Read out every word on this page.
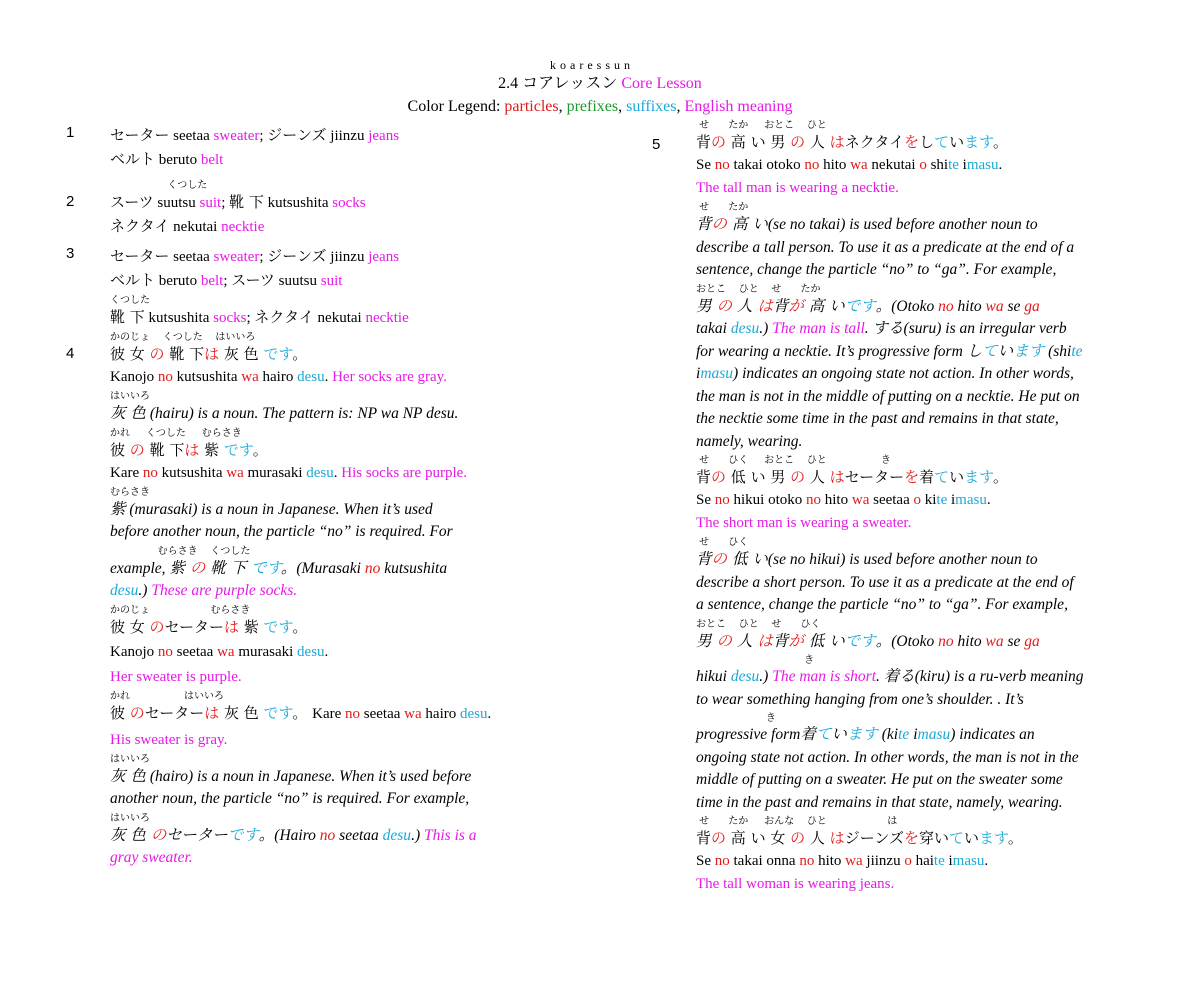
koaressun
2.4 コアレッスン Core Lesson
Color Legend: particles, prefixes, suffixes, English meaning
1 セーター seetaa sweater; ジーンズ jiinzu jeans
ベルト beruto belt
2
くつした
スーツ suutsu suit; 靴 下 kutsushita socks
ネクタイ nekutai necktie
3 セーター seetaa sweater; ジーンズ jiinzu jeans
ベルト beruto belt; スーツ suutsu suit
くつした
靴 下 kutsushita socks; ネクタイ nekutai necktie
4
かのじょ    くつした    はいいろ
彼 女 の 靴 下は 灰 色 です。
Kanojo no kutsushita wa hairo desu. Her socks are gray.
はいいろ
灰 色 (hairu) is a noun. The pattern is: NP wa NP desu.
かれ     くつした     むらさき
彼 の 靴 下は 紫 です。
Kare no kutsushita wa murasaki desu. His socks are purple.
むらさき
紫 (murasaki) is a noun in Japanese. When it’s used
before another noun, the particle “no” is required. For
むらさき    くつした
example, 紫 の 靴 下 です。(Murasaki no kutsushita
desu.) These are purple socks.
かのじょ                   むらさき
彼 女 のセーターは 紫 です。
Kanojo no seetaa wa murasaki desu.
Her sweater is purple.
かれ                 はいいろ
彼 のセーターは 灰 色 です。 Kare no seetaa wa hairo desu.
His sweater is gray.
はいいろ
灰 色 (hairo) is a noun in Japanese. When it’s used before
another noun, the particle “no” is required. For example,
はいいろ
灰 色 のセーターです。(Hairo no seetaa desu.) This is a
gray sweater.
5
せ      たか     おとこ    ひと
背の 高 い 男 の 人 はネクタイをしています。
Se no takai otoko no hito wa nekutai o shite imasu.
The tall man is wearing a necktie.
せ      たか
背の 高 い(se no takai) is used before another noun to
describe a tall person. To use it as a predicate at the end of a
sentence, change the particle “no” to “ga”. For example,
おとこ    ひと    せ      たか
男 の 人 は背が 高 いです。(Otoko no hito wa se ga
takai desu.) The man is tall. する(suru) is an irregular verb
for wearing a necktie. It’s progressive form しています (shite
imasu) indicates an ongoing state not action. In other words,
the man is not in the middle of putting on a necktie. He put on
the necktie some time in the past and remains in that state,
namely, wearing.
せ      ひく     おとこ    ひと                 き
背の 低 い 男 の 人 はセーターを着ています。
Se no hikui otoko no hito wa seetaa o kite imasu.
The short man is wearing a sweater.
せ      ひく
背の 低 い(se no hikui) is used before another noun to
describe a short person. To use it as a predicate at the end of
a sentence, change the particle “no” to “ga”. For example,
おとこ    ひと    せ      ひく
男 の 人 は背が 低 いです。(Otoko no hito wa se ga
き
hikui desu.) The man is short. 着る(kiru) is a ru-verb meaning
to wear something hanging from one’s shoulder. . It’s
き
progressive form着ています (kite imasu) indicates an
ongoing state not action. In other words, the man is not in the
middle of putting on a sweater. He put on the sweater some
time in the past and remains in that state, namely, wearing.
せ      たか     おんな    ひと                   は
背の 高 い 女 の 人 はジーンズを穿いています。
Se no takai onna no hito wa jiinzu o haite imasu.
The tall woman is wearing jeans.
